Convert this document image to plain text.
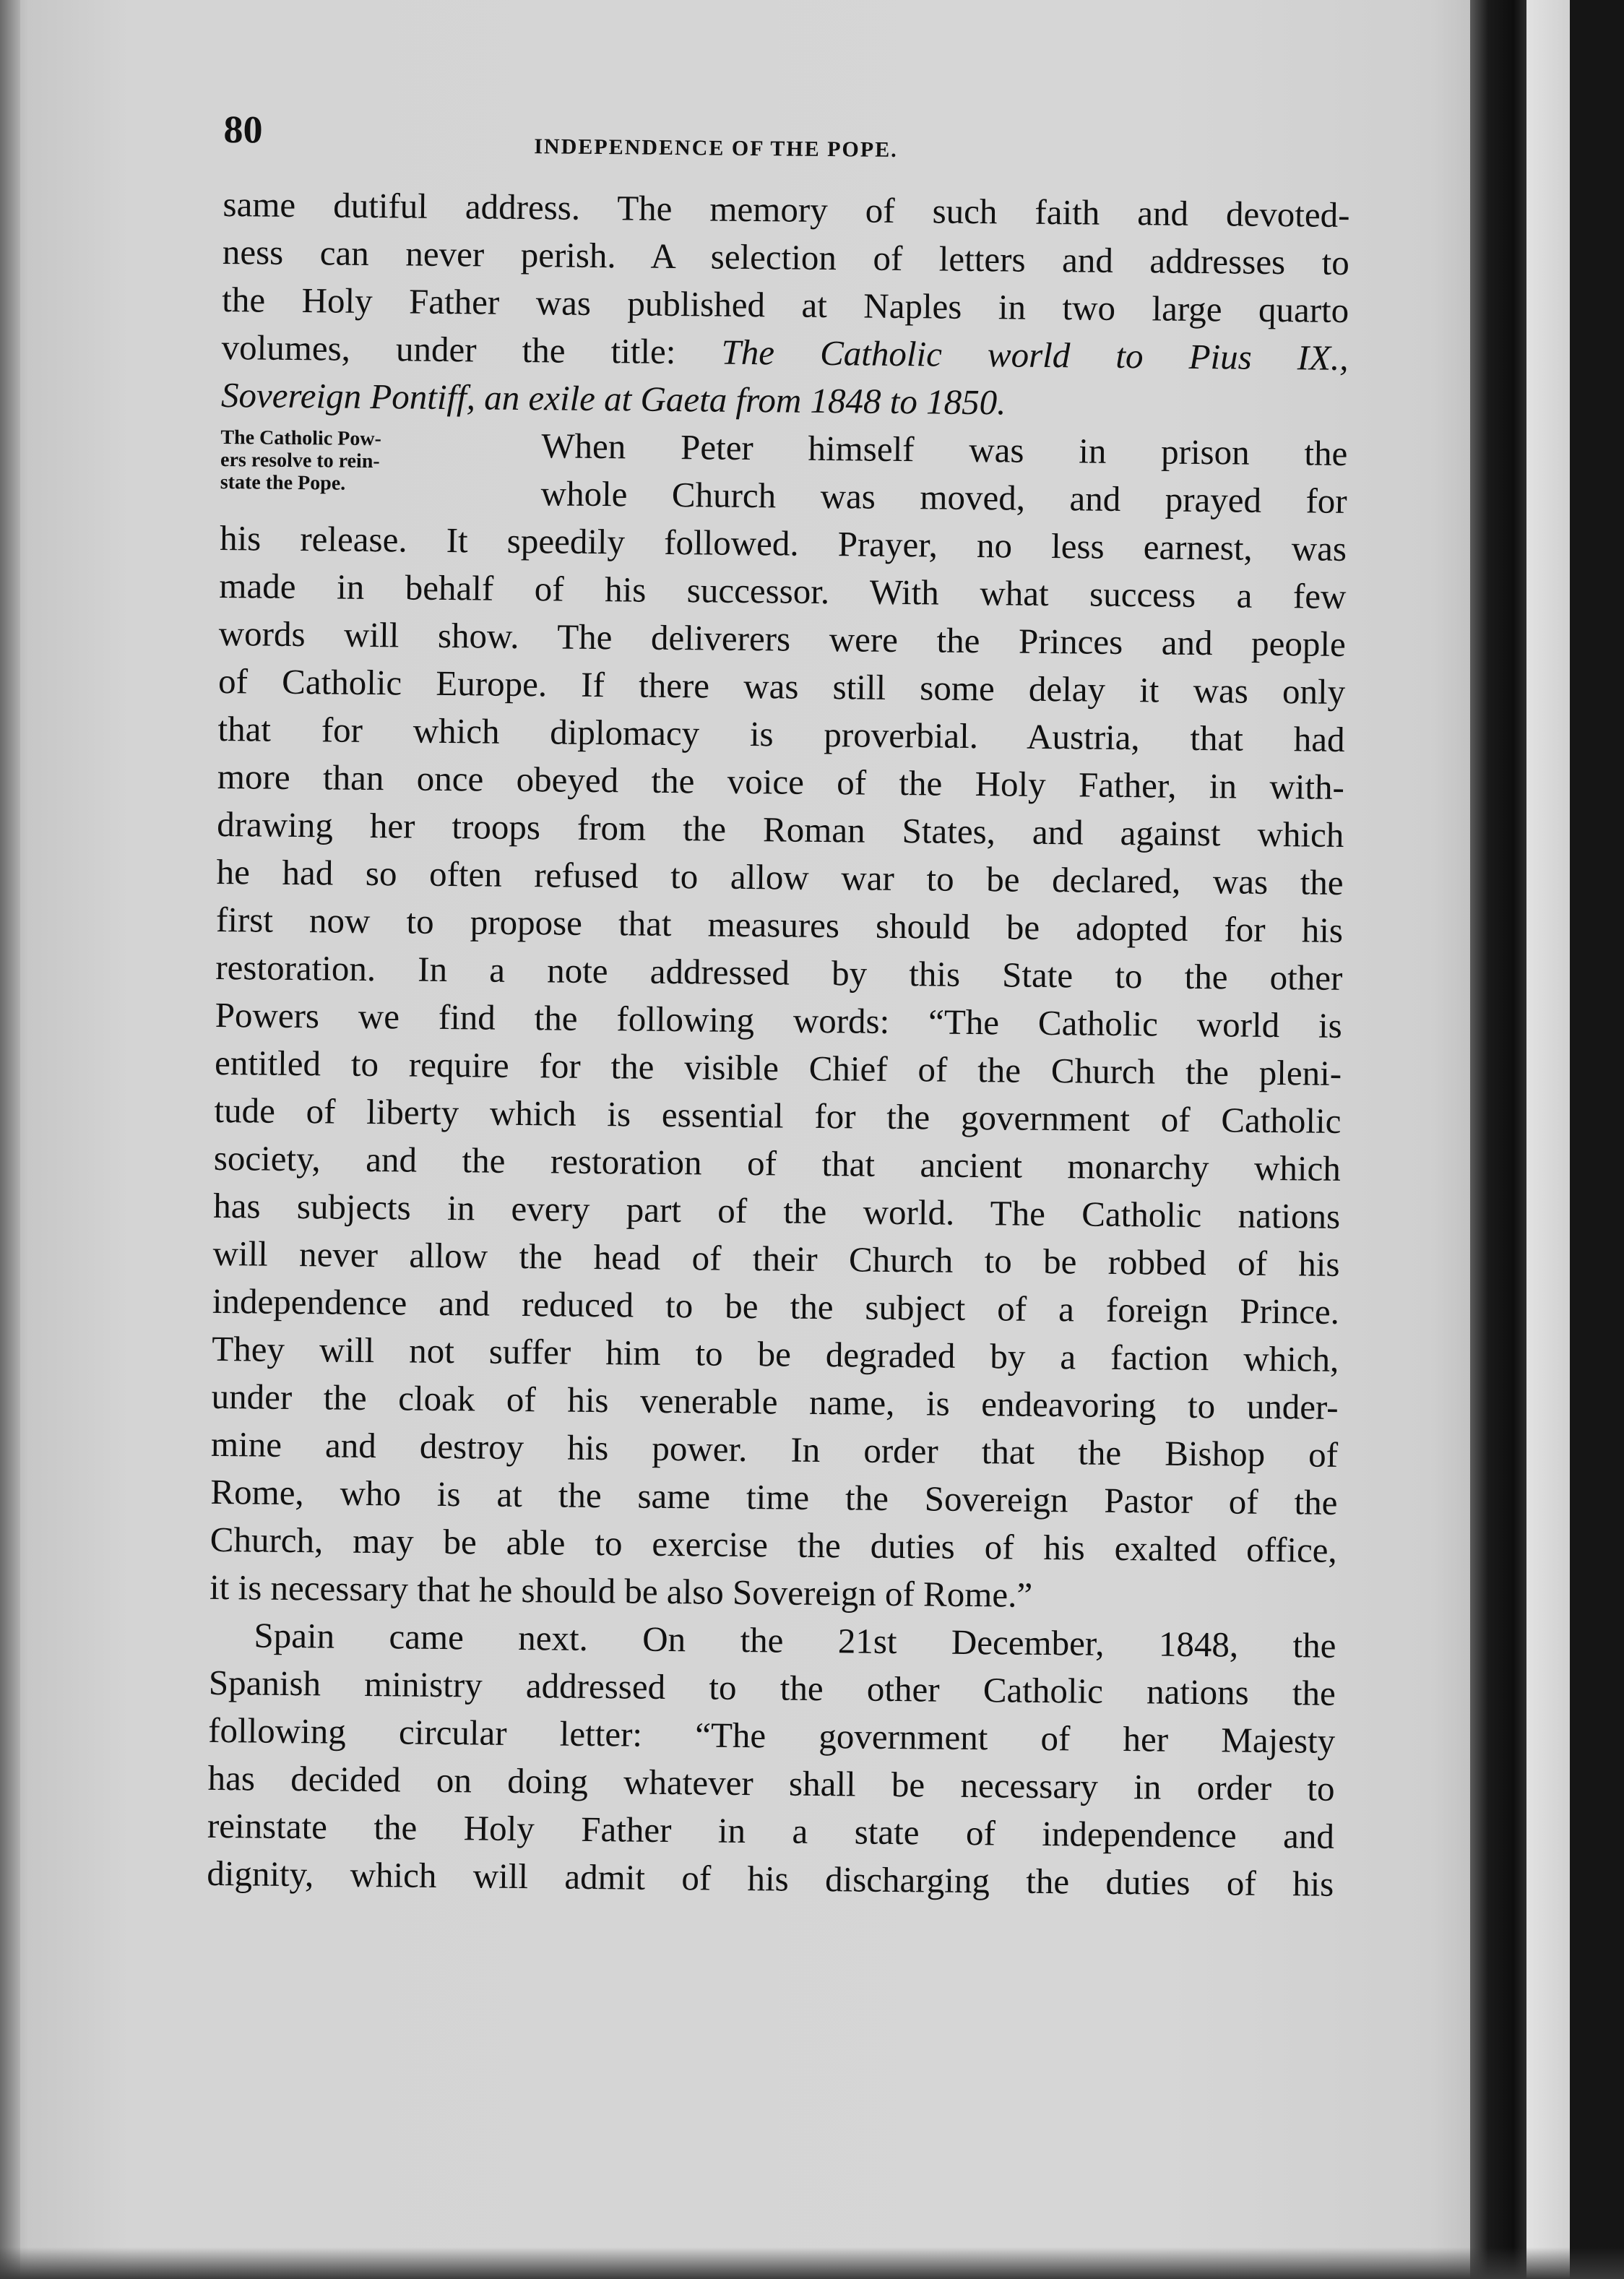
80	INDEPENDENCE OF THE POPE.

same dutiful address. The memory of such faith and devoted-

ness can never perish. A selection of letters and addresses to

the Holy Father was published at Naples in two large quarto

volumes, under the title: The Catholic world to Pius IX.,

Sovereign Pontiff, an exile at Gaeta from 1848 to 1850.

The Catholic Pow-
ers resolve to rein-
state the Pope.

When Peter himself was in prison the

whole Church was moved, and prayed for

his release. It speedily followed. Prayer, no less earnest, was

made in behalf of his successor. With what success a few

words will show. The deliverers were the Princes and people

of Catholic Europe. If there was still some delay it was only

that for which diplomacy is proverbial. Austria, that had

more than once obeyed the voice of the Holy Father, in with-

drawing her troops from the Roman States, and against which

he had so often refused to allow war to be declared, was the

first now to propose that measures should be adopted for his

restoration. In a note addressed by this State to the other

Powers we find the following words: “The Catholic world is

entitled to require for the visible Chief of the Church the pleni-

tude of liberty which is essential for the government of Catholic

society, and the restoration of that ancient monarchy which

has subjects in every part of the world. The Catholic nations

will never allow the head of their Church to be robbed of his

independence and reduced to be the subject of a foreign Prince.

They will not suffer him to be degraded by a faction which,

under the cloak of his venerable name, is endeavoring to under-

mine and destroy his power. In order that the Bishop of

Rome, who is at the same time the Sovereign Pastor of the

Church, may be able to exercise the duties of his exalted office,

it is necessary that he should be also Sovereign of Rome.”

Spain came next. On the 21st December, 1848, the

Spanish ministry addressed to the other Catholic nations the

following circular letter: “The government of her Majesty

has decided on doing whatever shall be necessary in order to

reinstate the Holy Father in a state of independence and

dignity, which will admit of his discharging the duties of his
